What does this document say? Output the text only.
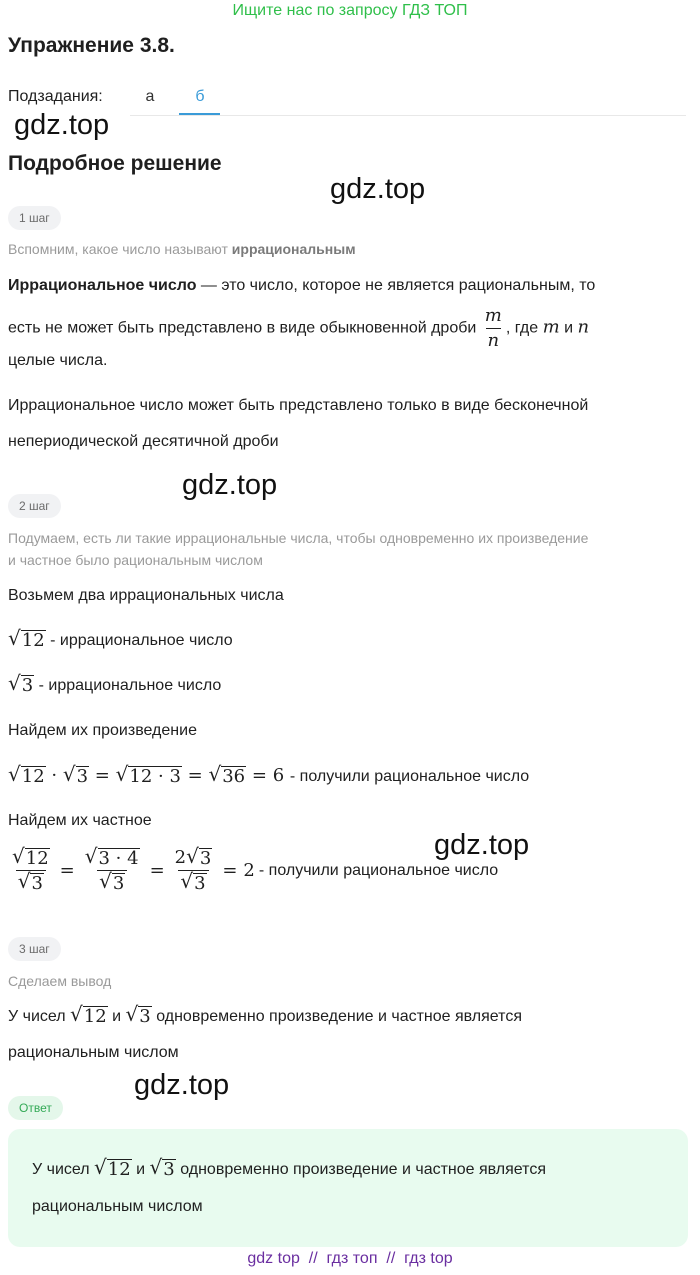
Ищите нас по запросу ГДЗ ТОП
Упражнение 3.8.
Подзадания:	а	б
gdz.top
gdz.top
gdz.top
gdz.top
gdz.top
Подробное решение
1 шаг
Вспомним, какое число называют иррациональным
Иррациональное число — это число, которое не является рациональным, то
есть не может быть представлено в виде обыкновенной дроби $\frac{m}{n}$ , где m и n
целые числа.
Иррациональное число может быть представлено только в виде бесконечной
непериодической десятичной дроби
2 шаг
Подумаем, есть ли такие иррациональные числа, чтобы одновременно их произведение
и частное было рациональным числом
Возьмем два иррациональных числа
√ 12 - иррациональное число
√ 3 - иррациональное число
Найдем их произведение
√ 12 · √ 3 = √ 12 · 3 = √ 36 = 6 - получили рациональное число
Найдем их частное
$\frac{√ 12}{√ 3} = \frac{√ 3 \cdot 4}{√ 3} = \frac{2 √ 3}{√ 3} = 2$ - получили рациональное число
3 шаг
Сделаем вывод
У чисел √ 12 и √ 3 одновременно произведение и частное является
рациональным числом
Ответ
У чисел √ 12 и √ 3 одновременно произведение и частное является
рациональным числом
gdz top  //  гдз топ  //  гдз top
